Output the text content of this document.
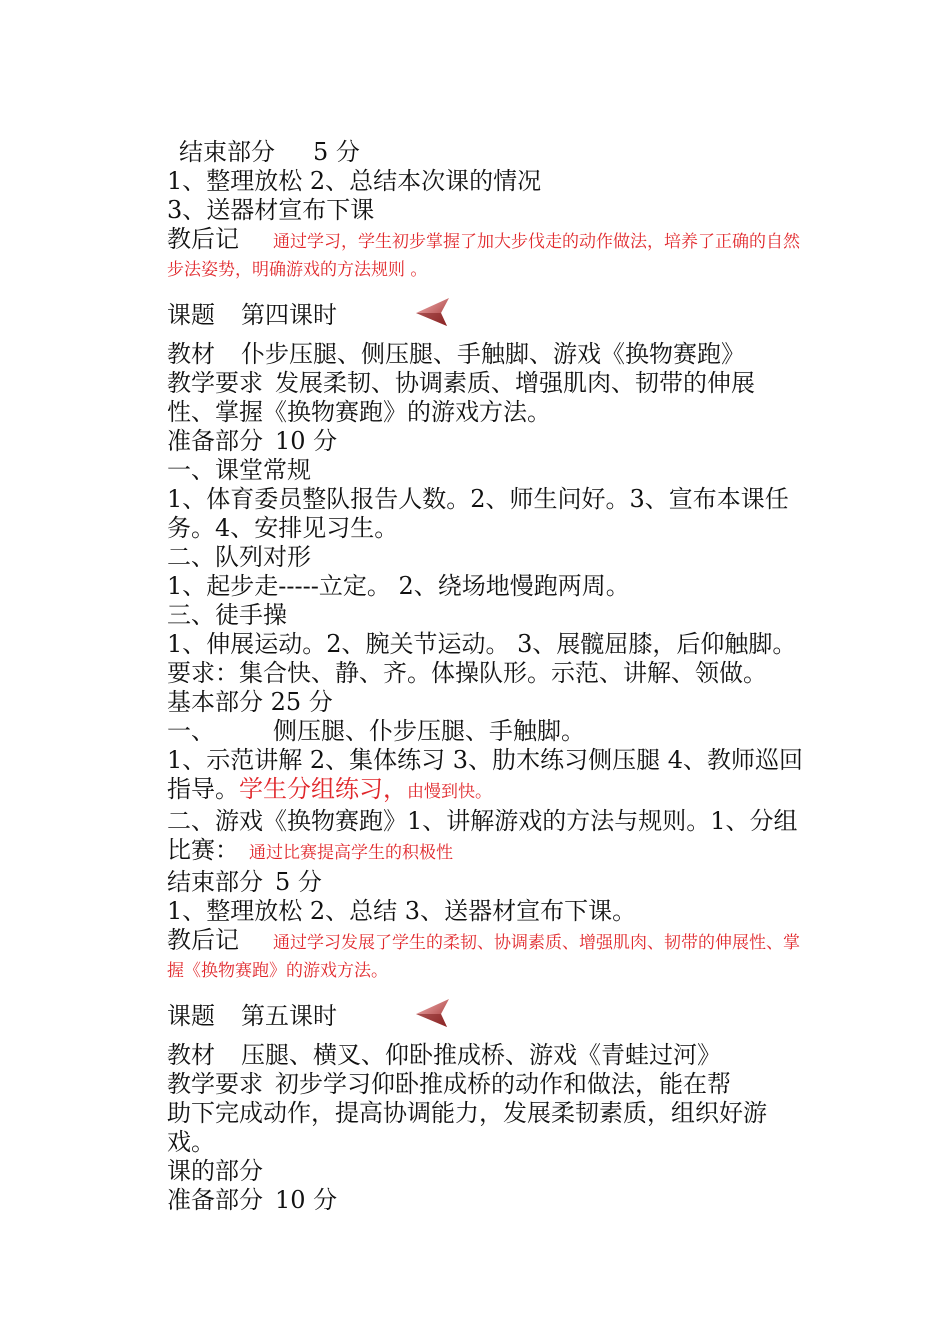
结束部分 5 分
1、整理放松 2、总结本次课的情况
3、送器材宣布下课
教后记 通过学习，学生初步掌握了加大步伐走的动作做法，培养了正确的自然步法姿势，明确游戏的方法规则 。
课题 第四课时
教材 仆步压腿、侧压腿、手触脚、游戏《换物赛跑》
教学要求 发展柔韧、协调素质、增强肌肉、韧带的伸展
性、掌握《换物赛跑》的游戏方法。
准备部分 10 分
一、课堂常规
1、体育委员整队报告人数。2、师生问好。3、宣布本课任
务。4、安排见习生。
二、队列对形
1、起步走-----立定。 2、绕场地慢跑两周。
三、徒手操
1、伸展运动。2、腕关节运动。 3、展髋屈膝，后仰触脚。
要求：集合快、静、齐。体操队形。示范、讲解、领做。
基本部分 25 分
一、 侧压腿、仆步压腿、手触脚。
1、示范讲解 2、集体练习 3、肋木练习侧压腿 4、教师巡回
指导。学生分组练习，由慢到快。
二、游戏《换物赛跑》1、讲解游戏的方法与规则。1、分组
比赛： 通过比赛提高学生的积极性
结束部分 5 分
1、整理放松 2、总结 3、送器材宣布下课。
教后记 通过学习发展了学生的柔韧、协调素质、增强肌肉、韧带的伸展性、掌握《换物赛跑》的游戏方法。
课题 第五课时
教材 压腿、横叉、仰卧推成桥、游戏《青蛙过河》
教学要求 初步学习仰卧推成桥的动作和做法，能在帮
助下完成动作，提高协调能力，发展柔韧素质，组织好游
戏。
课的部分
准备部分 10 分
